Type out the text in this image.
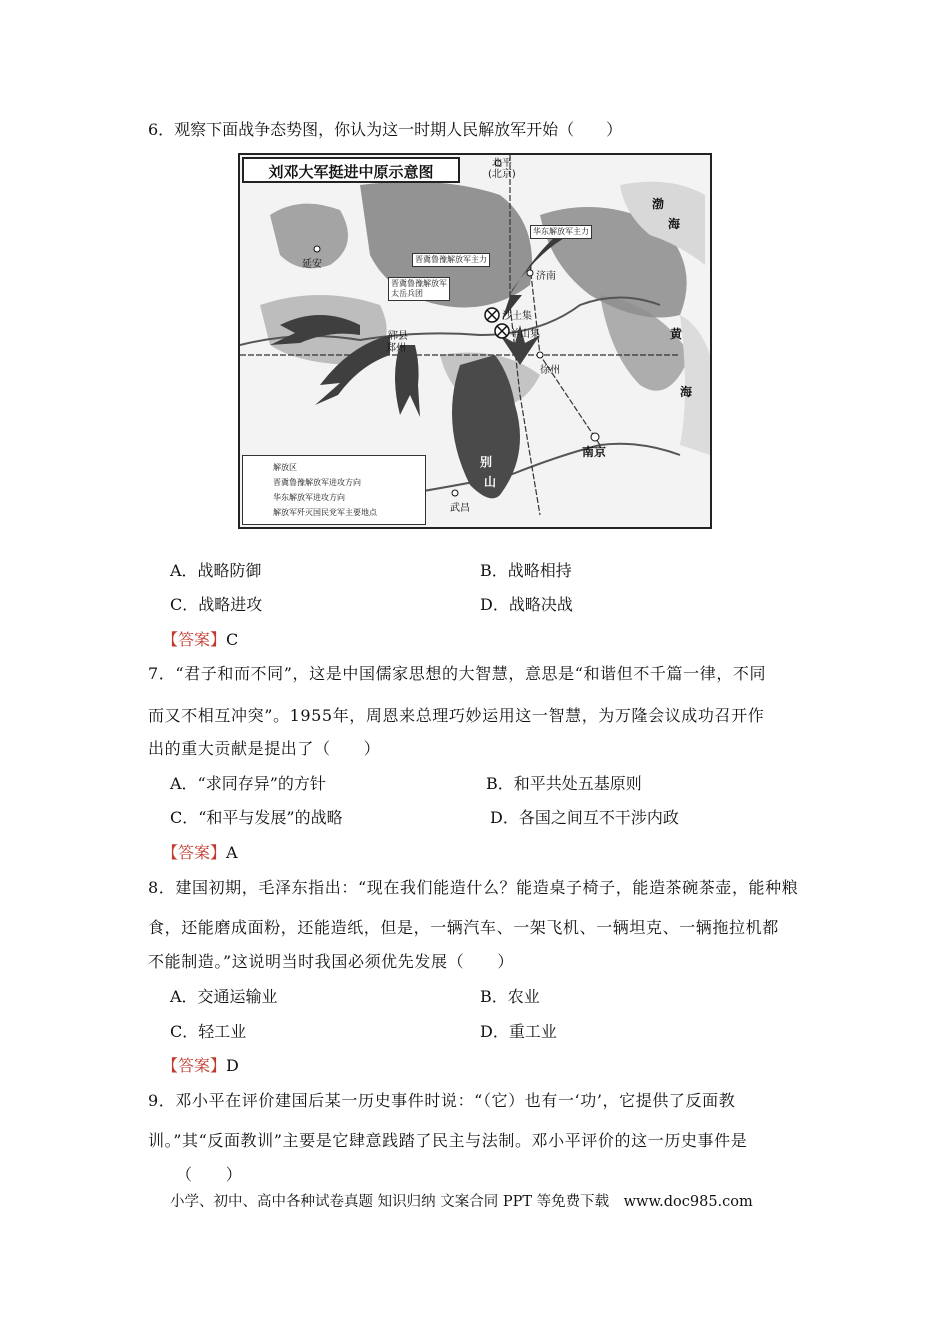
6．观察下面战争态势图，你认为这一时期人民解放军开始（　　）
刘邓大军挺进中原示意图	北平
(北京)
延安
济南
徐州
南京
武昌
郑州
郓县
沙土集
羊山集	黄
海
渤
海
别
山
华东解放军主力
晋冀鲁豫解放军主力
晋冀鲁豫解放军
太岳兵团
解放区
晋冀鲁豫解放军进攻方向
华东解放军进攻方向
解放军歼灭国民党军主要地点
A．战略防御	B．战略相持
C．战略进攻	D．战略决战
【答案】C
7．“君子和而不同”，这是中国儒家思想的大智慧，意思是“和谐但不千篇一律，不同
而又不相互冲突”。1955年，周恩来总理巧妙运用这一智慧，为万隆会议成功召开作
出的重大贡献是提出了（　　）
A．“求同存异”的方针	B．和平共处五基原则
C．“和平与发展”的战略	D．各国之间互不干涉内政
【答案】A
8．建国初期，毛泽东指出：“现在我们能造什么？能造桌子椅子，能造茶碗茶壶，能种粮
食，还能磨成面粉，还能造纸，但是，一辆汽车、一架飞机、一辆坦克、一辆拖拉机都
不能制造。”这说明当时我国必须优先发展（　　）
A．交通运输业	B．农业
C．轻工业	D．重工业
【答案】D
9．邓小平在评价建国后某一历史事件时说：“（它）也有一‘功’，它提供了反面教
训。”其“反面教训”主要是它肆意践踏了民主与法制。邓小平评价的这一历史事件是
（　　）
小学、初中、高中各种试卷真题 知识归纳 文案合同 PPT 等免费下载　www.doc985.com
